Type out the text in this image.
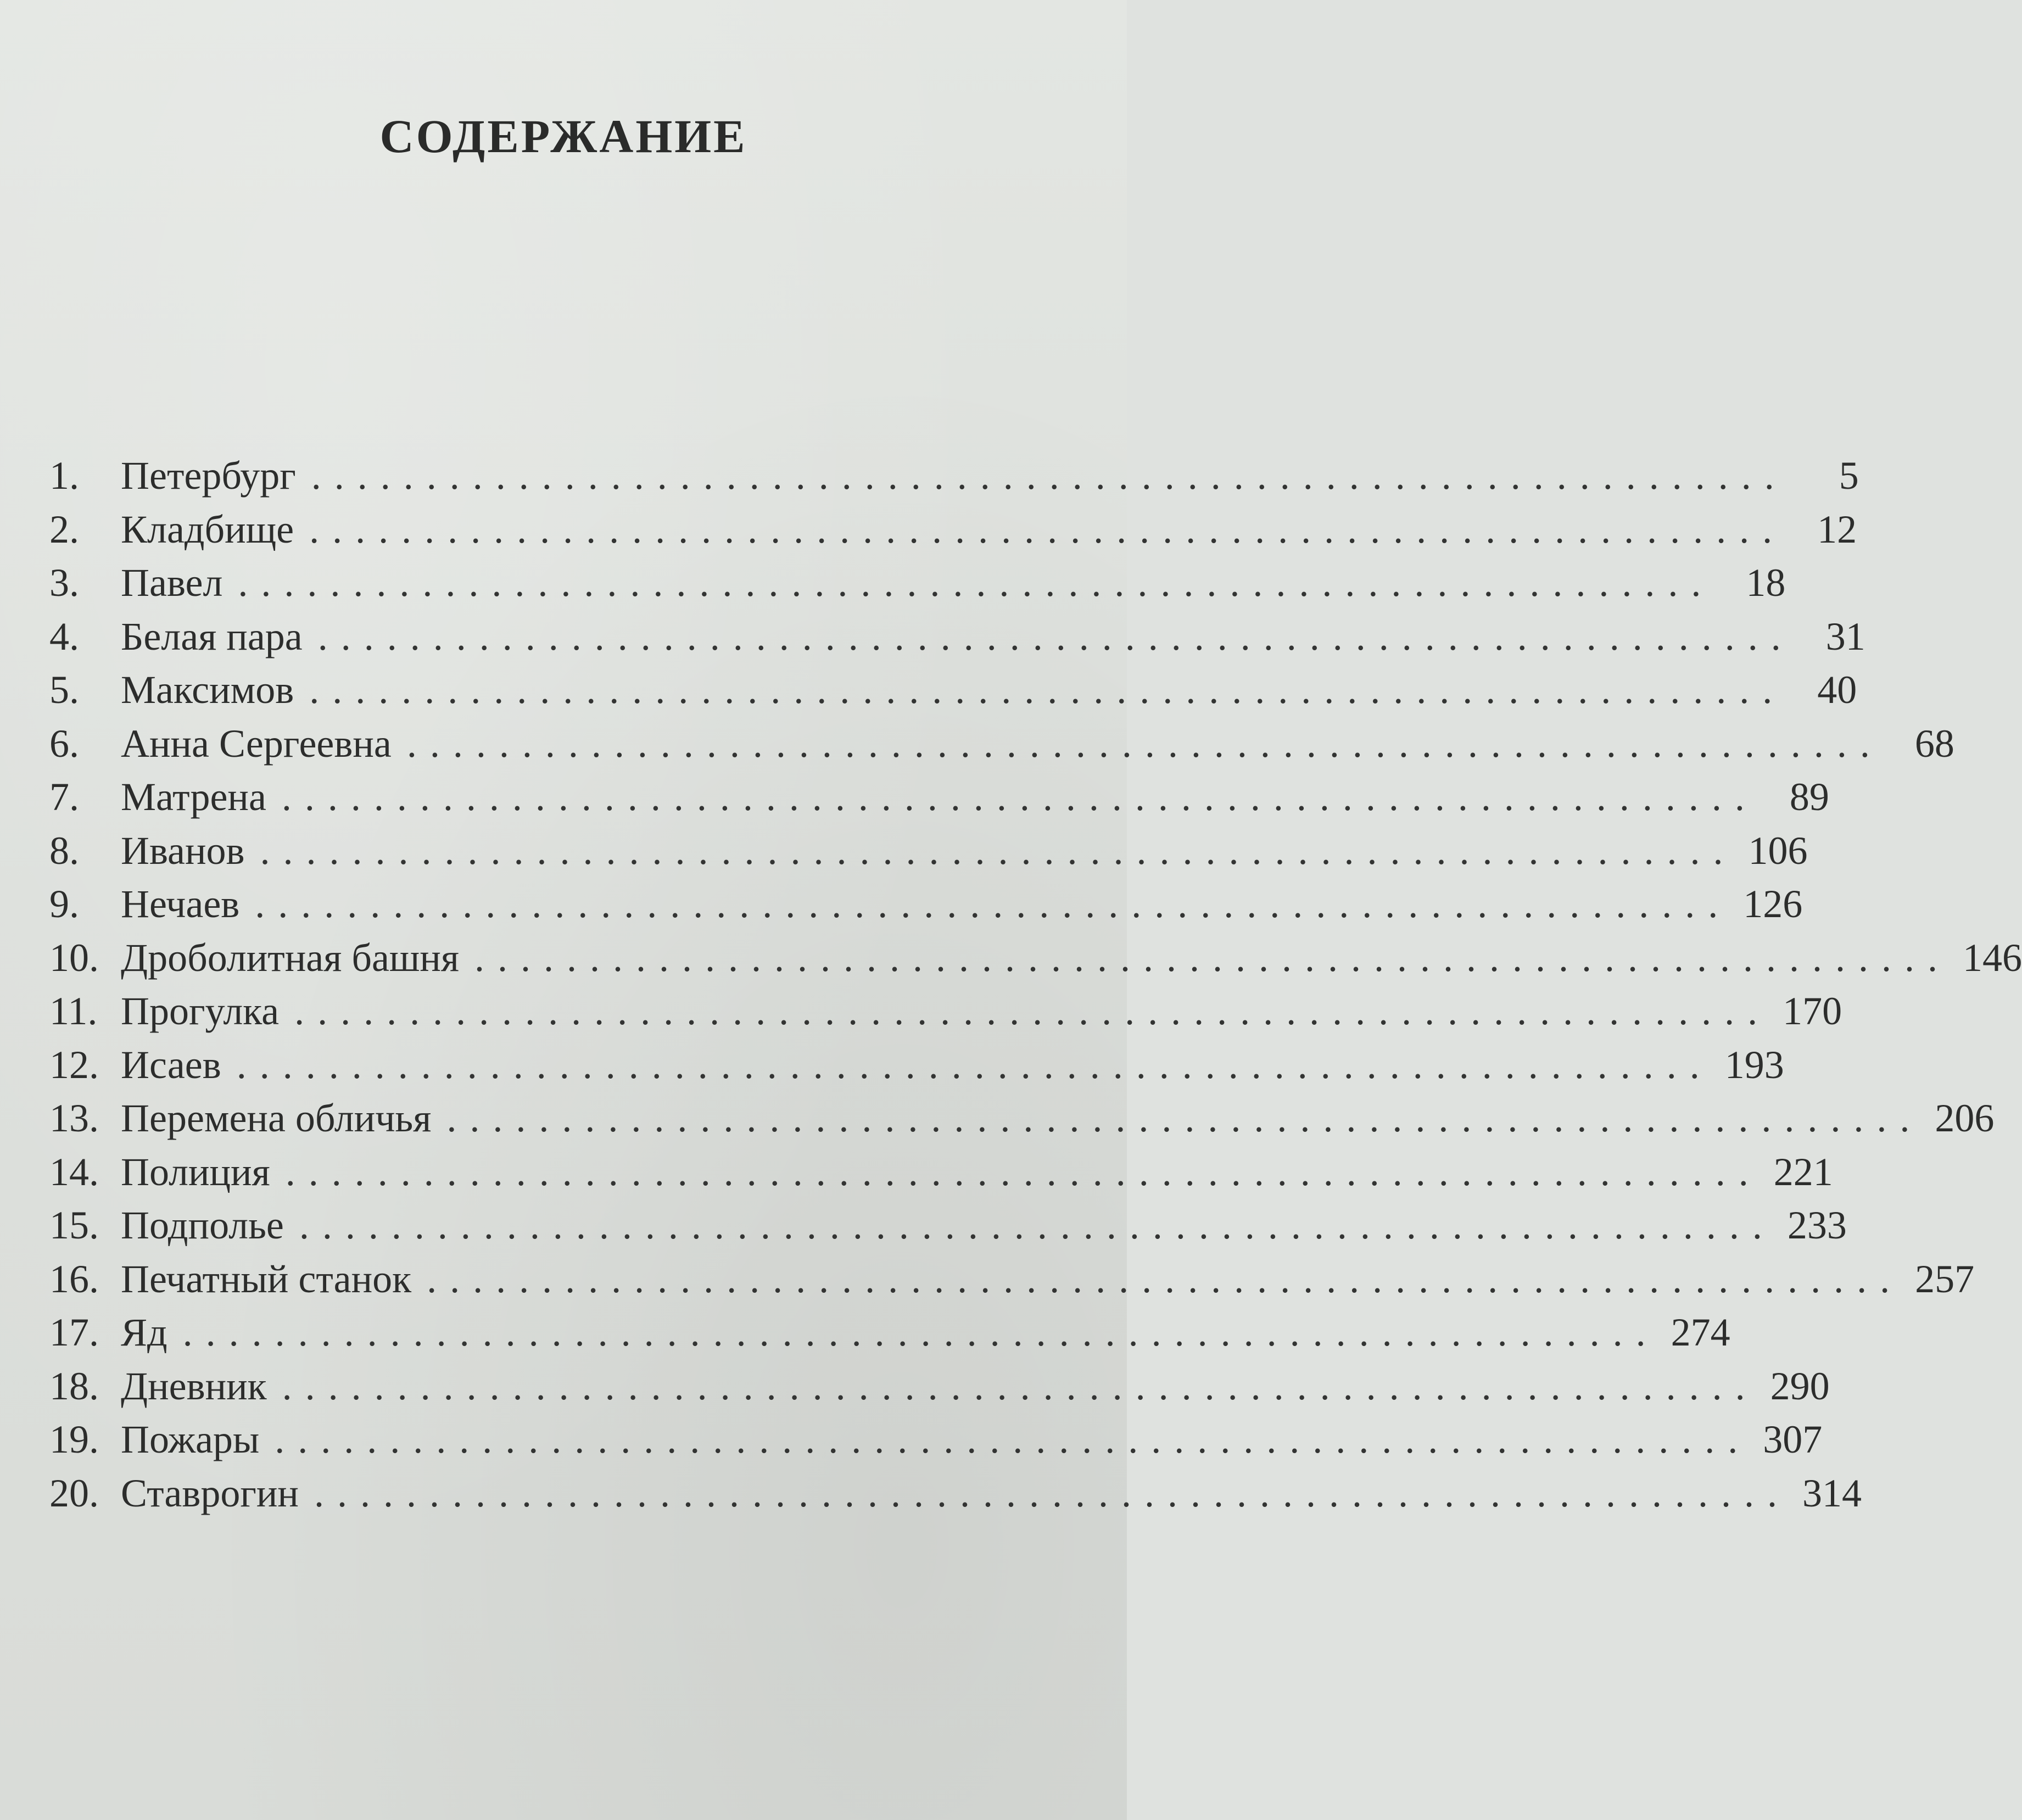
СОДЕРЖАНИЕ
1.	Петербург ................................................................	5
2.	Кладбище ................................................................ 12
3.	Павел ................................................................ 18
4.	Белая пара ................................................................ 31
5.	Максимов ................................................................ 40
6.	Анна Сергеевна ................................................................ 68
7.	Матрена ................................................................ 89
8.	Иванов ................................................................ 106
9.	Нечаев ................................................................ 126
10. Дроболитная башня ................................................................ 146
11. Прогулка ................................................................ 170
12. Исаев ................................................................ 193
13. Перемена обличья ................................................................ 206
14. Полиция ................................................................ 221
15. Подполье ................................................................ 233
16. Печатный станок ................................................................ 257
17. Яд ................................................................ 274
18. Дневник ................................................................ 290
19. Пожары ................................................................ 307
20. Ставрогин ................................................................ 314
